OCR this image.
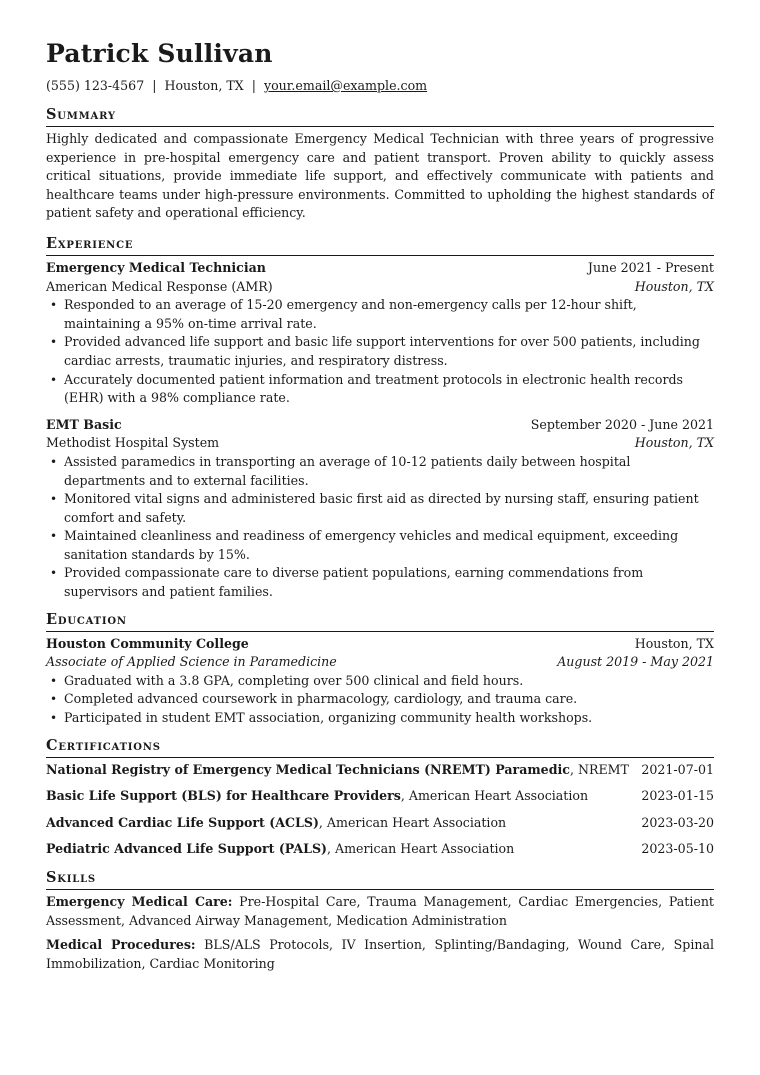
Patrick Sullivan
(555) 123-4567 | Houston, TX | your.email@example.com
Summary

Highly dedicated and compassionate Emergency Medical Technician with three years of progressive experience in pre-hospital emergency care and patient transport. Proven ability to quickly assess critical situations, provide immediate life support, and effectively communicate with patients and healthcare teams under high-pressure environments. Committed to upholding the highest standards of patient safety and operational efficiency.

Experience
Emergency Medical Technician	June 2021 - Present
American Medical Response (AMR)	Houston, TX
• Responded to an average of 15-20 emergency and non-emergency calls per 12-hour shift, maintaining a 95% on-time arrival rate.
• Provided advanced life support and basic life support interventions for over 500 patients, including cardiac arrests, traumatic injuries, and respiratory distress.
• Accurately documented patient information and treatment protocols in electronic health records (EHR) with a 98% compliance rate.
EMT Basic	September 2020 - June 2021
Methodist Hospital System	Houston, TX
• Assisted paramedics in transporting an average of 10-12 patients daily between hospital departments and to external facilities.
• Monitored vital signs and administered basic first aid as directed by nursing staff, ensuring patient comfort and safety.
• Maintained cleanliness and readiness of emergency vehicles and medical equipment, exceeding sanitation standards by 15%.
• Provided compassionate care to diverse patient populations, earning commendations from supervisors and patient families.
Education
Houston Community College	Houston, TX
Associate of Applied Science in Paramedicine	August 2019 - May 2021
• Graduated with a 3.8 GPA, completing over 500 clinical and field hours.
• Completed advanced coursework in pharmacology, cardiology, and trauma care.
• Participated in student EMT association, organizing community health workshops.
Certifications
National Registry of Emergency Medical Technicians (NREMT) Paramedic, NREMT 2021-07-01
Basic Life Support (BLS) for Healthcare Providers, American Heart Association	2023-01-15
Advanced Cardiac Life Support (ACLS), American Heart Association	2023-03-20
Pediatric Advanced Life Support (PALS), American Heart Association	2023-05-10
Skills

Emergency Medical Care: Pre-Hospital Care, Trauma Management, Cardiac Emergencies, Patient Assessment, Advanced Airway Management, Medication Administration

Medical Procedures: BLS/ALS Protocols, IV Insertion, Splinting/Bandaging, Wound Care, Spinal Immobilization, Cardiac Monitoring
